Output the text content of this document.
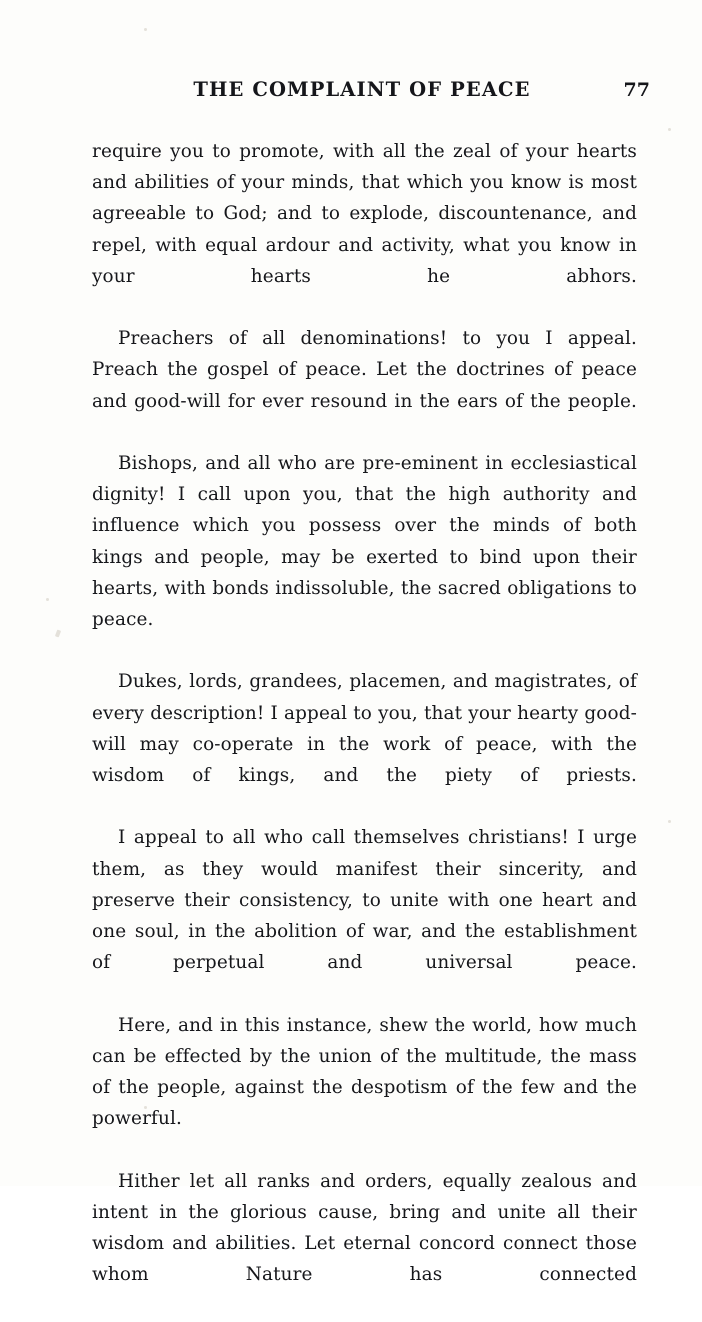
THE COMPLAINT OF PEACE	77

require you to promote, with all the zeal of your hearts and abilities of your minds, that which you know is most agreeable to God; and to explode, discountenance, and repel, with equal ardour and activity, what you know in your hearts he abhors.

Preachers of all denominations! to you I appeal. Preach the gospel of peace. Let the doctrines of peace and good-will for ever resound in the ears of the people.

Bishops, and all who are pre-eminent in ecclesiastical dignity! I call upon you, that the high authority and influence which you possess over the minds of both kings and people, may be exerted to bind upon their hearts, with bonds indissoluble, the sacred obligations to peace.

Dukes, lords, grandees, placemen, and magistrates, of every description! I appeal to you, that your hearty good-will may co-operate in the work of peace, with the wisdom of kings, and the piety of priests.

I appeal to all who call themselves christians! I urge them, as they would manifest their sincerity, and preserve their consistency, to unite with one heart and one soul, in the abolition of war, and the establishment of perpetual and universal peace.

Here, and in this instance, shew the world, how much can be effected by the union of the multitude, the mass of the people, against the despotism of the few and the powerful.

Hither let all ranks and orders, equally zealous and intent in the glorious cause, bring and unite all their wisdom and abilities. Let eternal concord connect those whom Nature has connected
